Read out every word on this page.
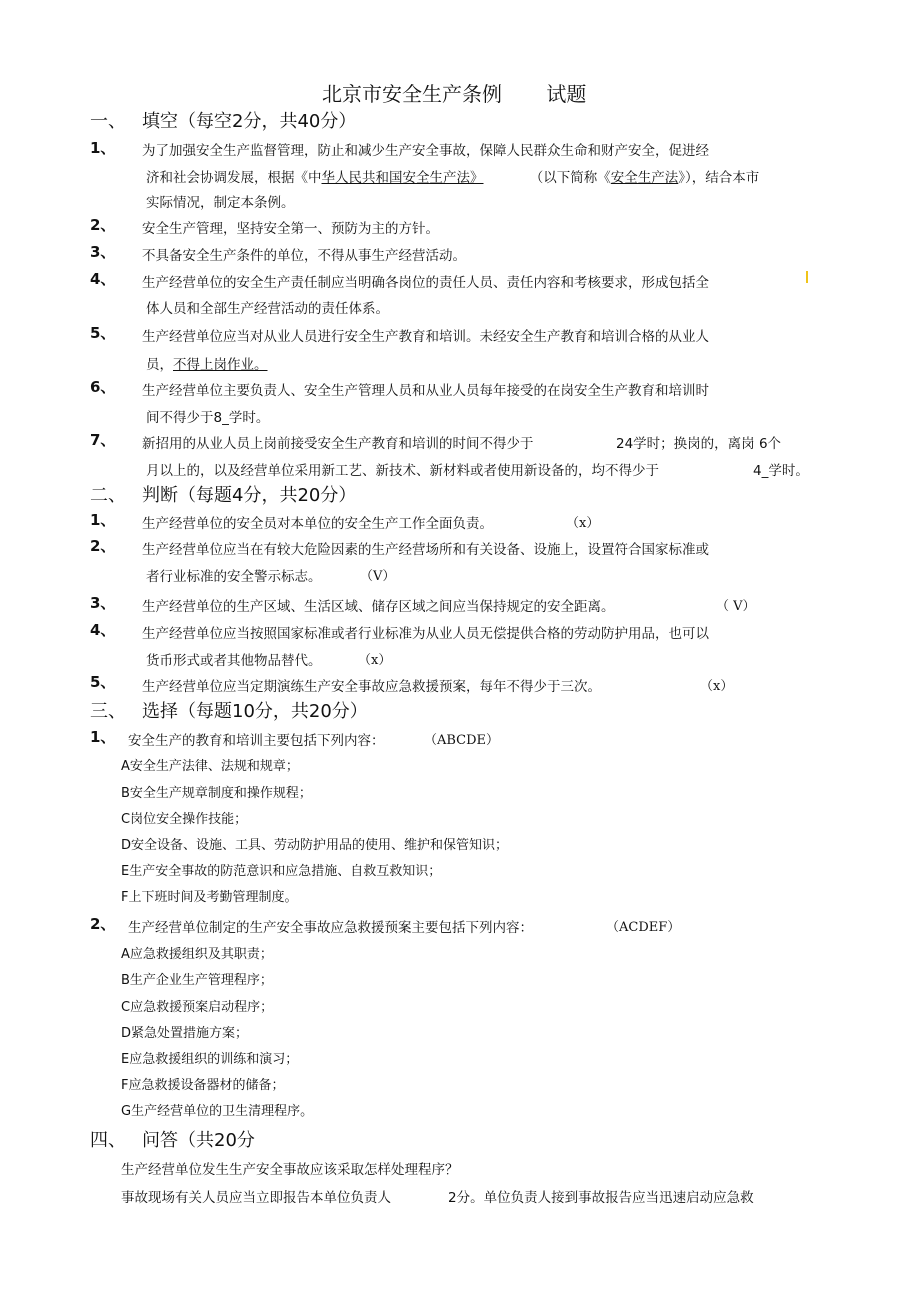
北京市安全生产条例 试题
一、 填空（每空2分，共40分）
1、 为了加强安全生产监督管理，防止和减少生产安全事故，保障人民群众生命和财产安全，促进经
济和社会协调发展，根据《中华人民共和国安全生产法》	（以下简称《安全生产法》），结合本市
实际情况，制定本条例。
2、 安全生产管理，坚持安全第一、预防为主的方针。
3、 不具备安全生产条件的单位，不得从事生产经营活动。
4、 生产经营单位的安全生产责任制应当明确各岗位的责任人员、责任内容和考核要求，形成包括全
体人员和全部生产经营活动的责任体系。
5、 生产经营单位应当对从业人员进行安全生产教育和培训。未经安全生产教育和培训合格的从业人
员，不得上岗作业。
6、 生产经营单位主要负责人、安全生产管理人员和从业人员每年接受的在岗安全生产教育和培训时
间不得少于8_学时。
7、 新招用的从业人员上岗前接受安全生产教育和培训的时间不得少于	24学时；换岗的，离岗 6个
月以上的，以及经营单位采用新工艺、新技术、新材料或者使用新设备的，均不得少于	4_学时。
二、 判断（每题4分，共20分）
1、 生产经营单位的安全员对本单位的安全生产工作全面负责。	（x）
2、 生产经营单位应当在有较大危险因素的生产经营场所和有关设备、设施上，设置符合国家标准或
者行业标准的安全警示标志。	（V）
3、 生产经营单位的生产区域、生活区域、储存区域之间应当保持规定的安全距离。	（ V）
4、 生产经营单位应当按照国家标准或者行业标准为从业人员无偿提供合格的劳动防护用品，也可以
货币形式或者其他物品替代。	（x）
5、 生产经营单位应当定期演练生产安全事故应急救援预案，每年不得少于三次。	（x）
三、 选择（每题10分，共20分）
1、 安全生产的教育和培训主要包括下列内容：	（ABCDE）
A安全生产法律、法规和规章；
B安全生产规章制度和操作规程；
C岗位安全操作技能；
D安全设备、设施、工具、劳动防护用品的使用、维护和保管知识；
E生产安全事故的防范意识和应急措施、自救互救知识；
F上下班时间及考勤管理制度。
2、 生产经营单位制定的生产安全事故应急救援预案主要包括下列内容：	（ACDEF）
A应急救援组织及其职责；
B生产企业生产管理程序；
C应急救援预案启动程序；
D紧急处置措施方案；
E应急救援组织的训练和演习；
F应急救援设备器材的储备；
G生产经营单位的卫生清理程序。
四、 问答（共20分
生产经营单位发生生产安全事故应该采取怎样处理程序？
事故现场有关人员应当立即报告本单位负责人	2分。单位负责人接到事故报告应当迅速启动应急救
